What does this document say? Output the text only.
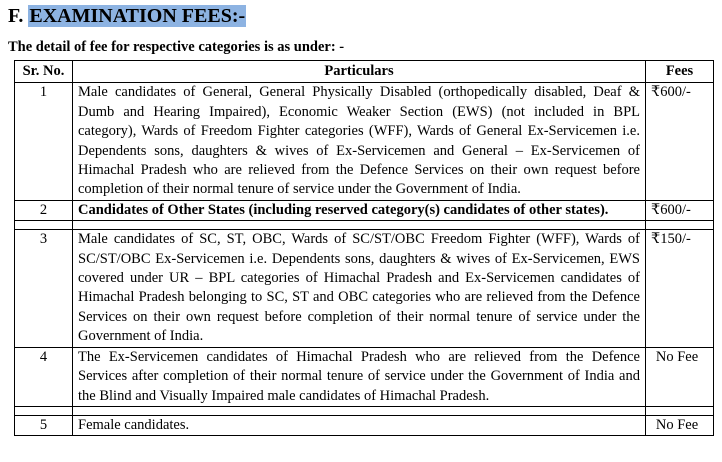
F. EXAMINATION FEES:-
The detail of fee for respective categories is as under: -
Sr. No.	Particulars	Fees
1	Male candidates of General, General Physically Disabled (orthopedically disabled, Deaf & Dumb and Hearing Impaired), Economic Weaker Section (EWS) (not included in BPL category), Wards of Freedom Fighter categories (WFF), Wards of General Ex-Servicemen i.e. Dependents sons, daughters & wives of Ex-Servicemen and General – Ex-Servicemen of Himachal Pradesh who are relieved from the Defence Services on their own request before completion of their normal tenure of service under the Government of India.	₹600/-
2	Candidates of Other States (including reserved category(s) candidates of other states).	₹600/-

3	Male candidates of SC, ST, OBC, Wards of SC/ST/OBC Freedom Fighter (WFF), Wards of SC/ST/OBC Ex-Servicemen i.e. Dependents sons, daughters & wives of Ex-Servicemen, EWS covered under UR – BPL categories of Himachal Pradesh and Ex-Servicemen candidates of Himachal Pradesh belonging to SC, ST and OBC categories who are relieved from the Defence Services on their own request before completion of their normal tenure of service under the Government of India.	₹150/-
4	The Ex-Servicemen candidates of Himachal Pradesh who are relieved from the Defence Services after completion of their normal tenure of service under the Government of India and the Blind and Visually Impaired male candidates of Himachal Pradesh.	No Fee

5	Female candidates.	No Fee
